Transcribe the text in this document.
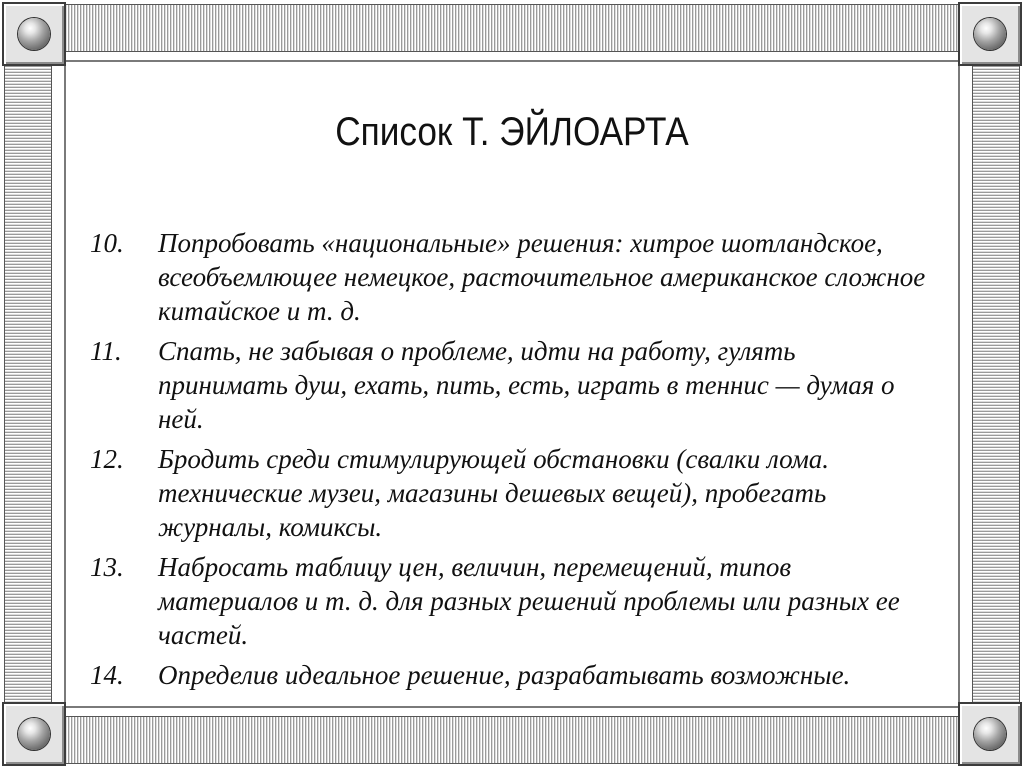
Список Т. ЭЙЛОАРТА
10.	Попробовать «национальные» решения: хитрое шотландское, всеобъемлющее немецкое, расточительное американское сложное китайское и т. д.
11.	Спать, не забывая о проблеме, идти на работу, гулять принимать душ, ехать, пить, есть, играть в теннис — думая о ней.
12.	Бродить среди стимулирующей обстановки (свалки лома. технические музеи, магазины дешевых вещей), пробегать журналы, комиксы.
13.	Набросать таблицу цен, величин, перемещений, типов материалов и т. д. для разных решений проблемы или разных ее частей.
14.	Определив идеальное решение, разрабатывать возможные.
